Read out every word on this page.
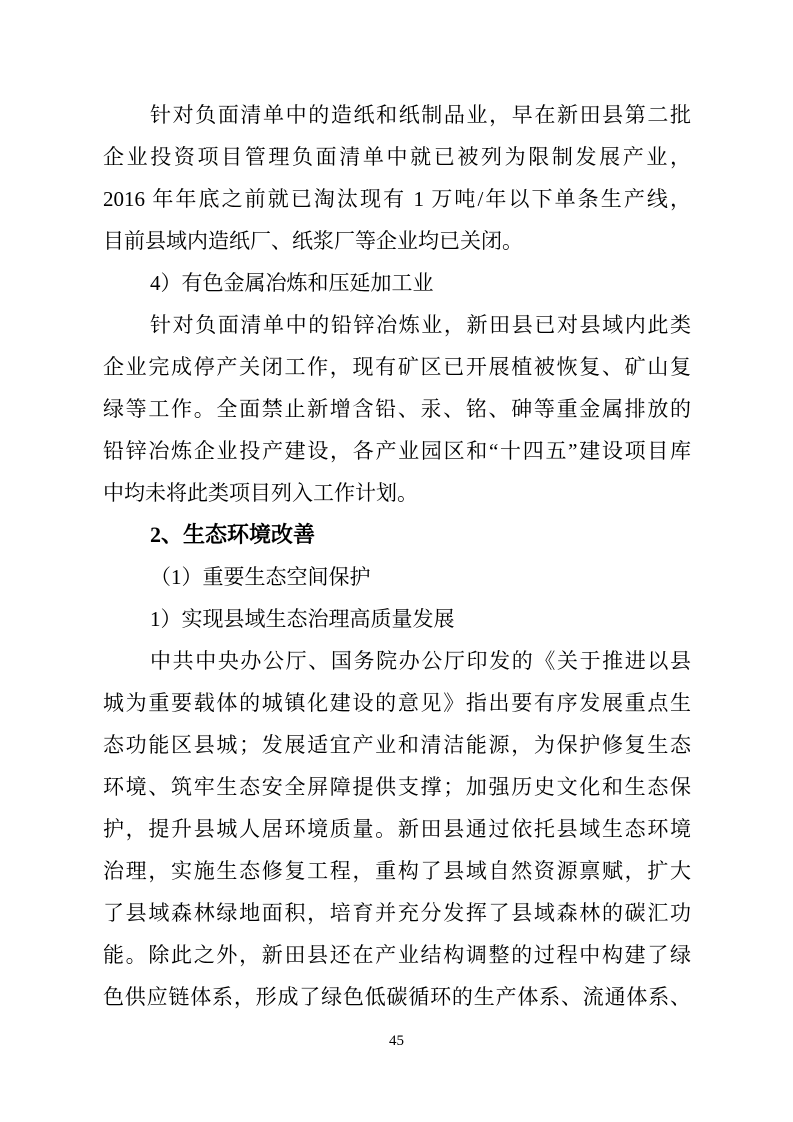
针对负面清单中的造纸和纸制品业，早在新田县第二批
企业投资项目管理负面清单中就已被列为限制发展产业，
2016 年年底之前就已淘汰现有 1 万吨/年以下单条生产线，
目前县域内造纸厂、纸浆厂等企业均已关闭。
4）有色金属冶炼和压延加工业
针对负面清单中的铅锌冶炼业，新田县已对县域内此类
企业完成停产关闭工作，现有矿区已开展植被恢复、矿山复
绿等工作。全面禁止新增含铅、汞、铭、砷等重金属排放的
铅锌冶炼企业投产建设，各产业园区和“十四五”建设项目库
中均未将此类项目列入工作计划。
2、生态环境改善
（1）重要生态空间保护
1）实现县域生态治理高质量发展
中共中央办公厅、国务院办公厅印发的《关于推进以县
城为重要载体的城镇化建设的意见》指出要有序发展重点生
态功能区县城；发展适宜产业和清洁能源，为保护修复生态
环境、筑牢生态安全屏障提供支撑；加强历史文化和生态保
护，提升县城人居环境质量。新田县通过依托县域生态环境
治理，实施生态修复工程，重构了县域自然资源禀赋，扩大
了县域森林绿地面积，培育并充分发挥了县域森林的碳汇功
能。除此之外，新田县还在产业结构调整的过程中构建了绿
色供应链体系，形成了绿色低碳循环的生产体系、流通体系、
45
